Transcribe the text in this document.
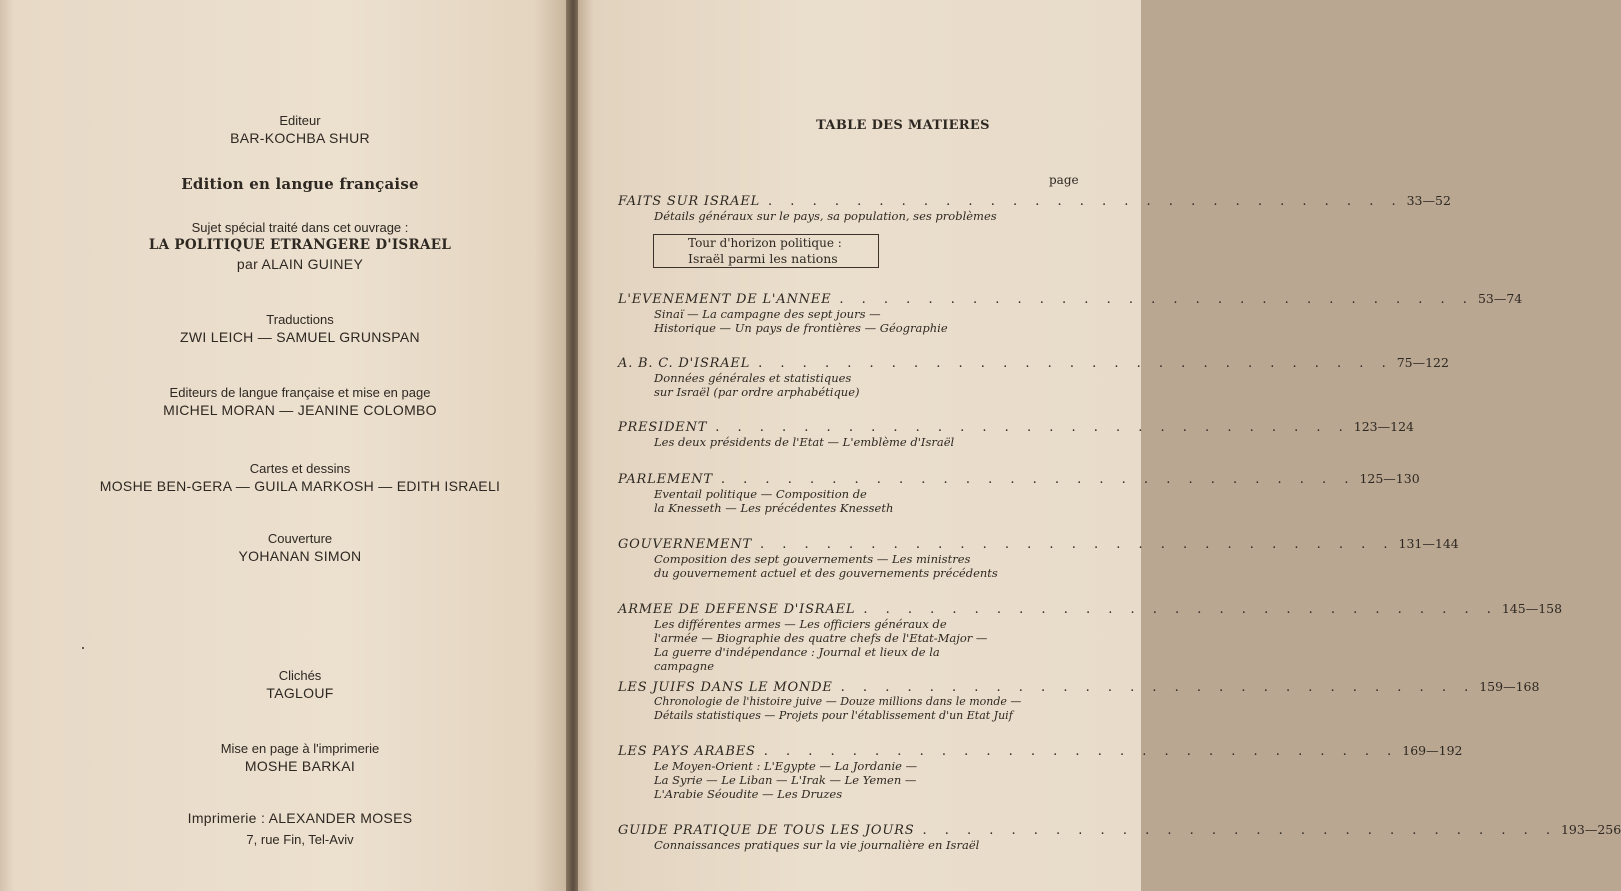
Editeur
BAR-KOCHBA SHUR
Edition en langue française
Sujet spécial traité dans cet ouvrage :
LA POLITIQUE ETRANGERE D'ISRAEL
par ALAIN GUINEY
Traductions
ZWI LEICH — SAMUEL GRUNSPAN
Editeurs de langue française et mise en page
MICHEL MORAN — JEANINE COLOMBO
Cartes et dessins
MOSHE BEN-GERA — GUILA MARKOSH — EDITH ISRAELI
Couverture
YOHANAN SIMON
Clichés
TAGLOUF
Mise en page à l'imprimerie
MOSHE BARKAI
Imprimerie : ALEXANDER MOSES
7, rue Fin, Tel-Aviv
TABLE DES MATIERES
page
FAITS SUR ISRAEL . . . . . . . . . . . . . . . . . . . . . . . . . . . . . 33—52
Détails généraux sur le pays, sa population, ses problèmes
Tour d'horizon politique :
Israël parmi les nations
L'EVENEMENT DE L'ANNEE . . . . . . . . . . . . . . . . . . . . . . . . . . . . . 53—74
Sinaï — La campagne des sept jours —
Historique — Un pays de frontières — Géographie
A. B. C. D'ISRAEL . . . . . . . . . . . . . . . . . . . . . . . . . . . . . 75—122
Données générales et statistiques
sur Israël (par ordre arphabétique)
PRESIDENT . . . . . . . . . . . . . . . . . . . . . . . . . . . . . 123—124
Les deux présidents de l'Etat — L'emblème d'Israël
PARLEMENT . . . . . . . . . . . . . . . . . . . . . . . . . . . . . 125—130
Eventail politique — Composition de
la Knesseth — Les précédentes Knesseth
GOUVERNEMENT . . . . . . . . . . . . . . . . . . . . . . . . . . . . . 131—144
Composition des sept gouvernements — Les ministres
du gouvernement actuel et des gouvernements précédents
ARMEE DE DEFENSE D'ISRAEL . . . . . . . . . . . . . . . . . . . . . . . . . . . . . 145—158
Les différentes armes — Les officiers généraux de
l'armée — Biographie des quatre chefs de l'Etat-Major —
La guerre d'indépendance : Journal et lieux de la campagne
LES JUIFS DANS LE MONDE . . . . . . . . . . . . . . . . . . . . . . . . . . . . . 159—168
Chronologie de l'histoire juive — Douze millions dans le monde —
Détails statistiques — Projets pour l'établissement d'un Etat Juif
LES PAYS ARABES . . . . . . . . . . . . . . . . . . . . . . . . . . . . . 169—192
Le Moyen-Orient : L'Egypte — La Jordanie —
La Syrie — Le Liban — L'Irak — Le Yemen —
L'Arabie Séoudite — Les Druzes
GUIDE PRATIQUE DE TOUS LES JOURS . . . . . . . . . . . . . . . . . . . . . . . . . . . . . 193—256
Connaissances pratiques sur la vie journalière en Israël
